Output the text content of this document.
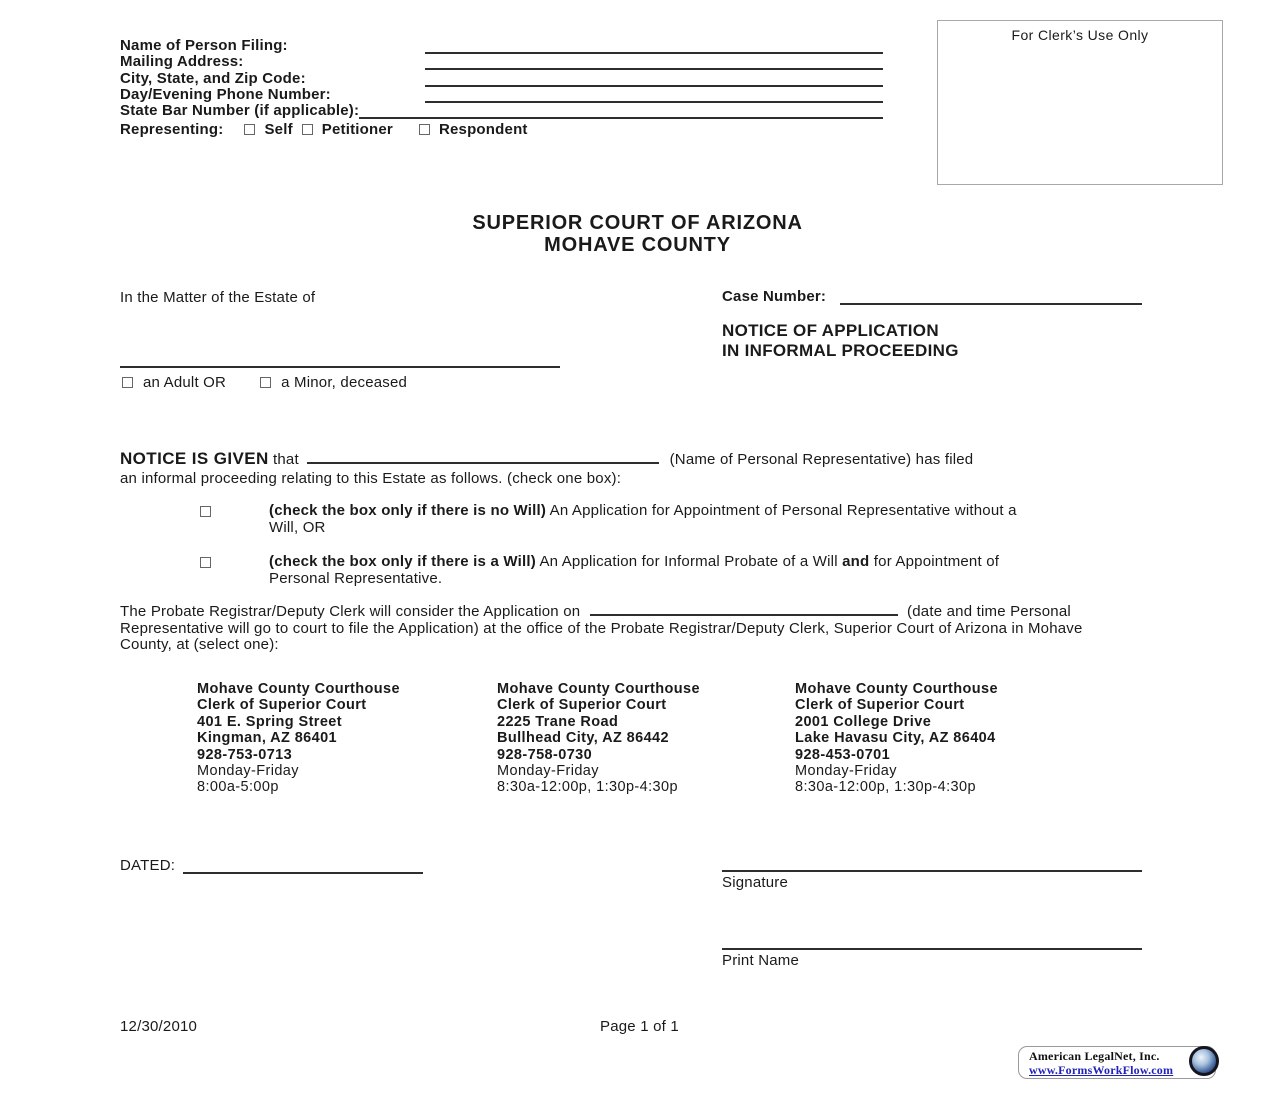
Name of Person Filing:
Mailing Address:
City, State, and Zip Code:
Day/Evening Phone Number:
State Bar Number (if applicable):
Representing:	Self Petitioner	Respondent
For Clerk’s Use Only
SUPERIOR COURT OF ARIZONA
MOHAVE COUNTY
In the Matter of the Estate of	Case Number:
NOTICE OF APPLICATION
IN INFORMAL PROCEEDING
an Adult OR	a Minor, deceased
NOTICE IS GIVEN that	(Name of Personal Representative) has filed
an informal proceeding relating to this Estate as follows. (check one box):
(check the box only if there is no Will) An Application for Appointment of Personal Representative without a Will, OR
(check the box only if there is a Will) An Application for Informal Probate of a Will and for Appointment of Personal Representative.
The Probate Registrar/Deputy Clerk will consider the Application on	(date and time Personal Representative will go to court to file the Application) at the office of the Probate Registrar/Deputy Clerk, Superior Court of Arizona in Mohave County, at (select one):
Mohave County Courthouse
Clerk of Superior Court
401 E. Spring Street
Kingman, AZ 86401
928-753-0713
Monday-Friday
8:00a-5:00p
Mohave County Courthouse
Clerk of Superior Court
2225 Trane Road
Bullhead City, AZ 86442
928-758-0730
Monday-Friday
8:30a-12:00p, 1:30p-4:30p
Mohave County Courthouse
Clerk of Superior Court
2001 College Drive
Lake Havasu City, AZ 86404
928-453-0701
Monday-Friday
8:30a-12:00p, 1:30p-4:30p
DATED:
Signature
Print Name
12/30/2010	Page 1 of 1
American LegalNet, Inc.
www.FormsWorkFlow.com
